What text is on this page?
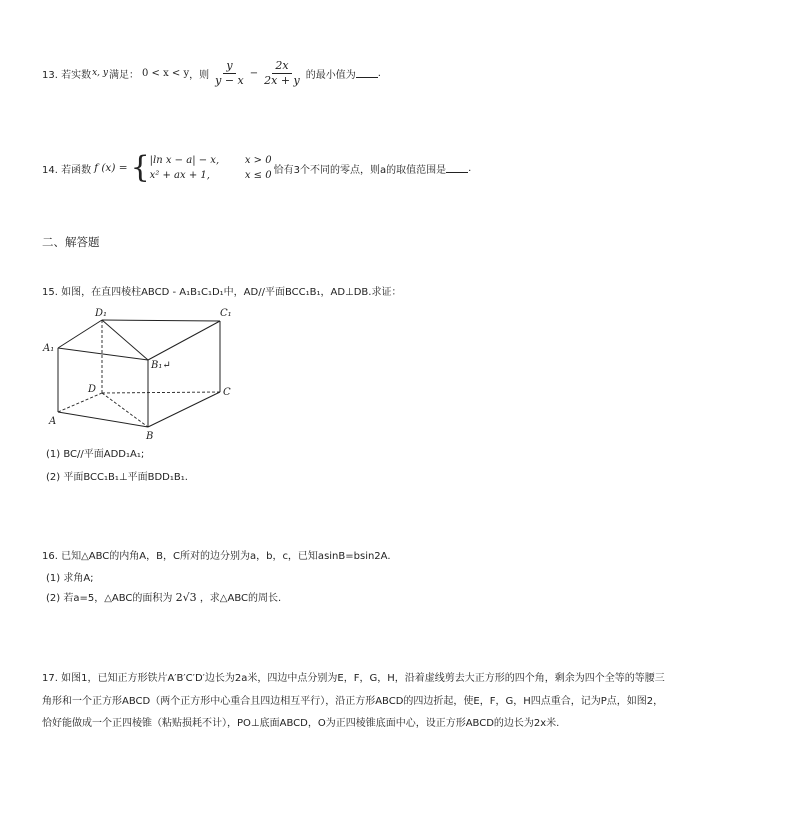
13. 若实数 x, y 满足： 0 < x < y ，则 $\frac{y}{y - x} - \frac{2x}{2x + y}$ 的最小值为 .
14. 若函数 f (x) = { |ln x − a| − x,	x > 0
x² + ax + 1,	x ≤ 0 恰有3个不同的零点，则a的取值范围是 .
二、解答题
15. 如图，在直四棱柱ABCD - A₁B₁C₁D₁中，AD//平面BCC₁B₁，AD⊥DB.求证：
D₁	C₁
A₁
B₁↵
D	C
A
B
(1) BC//平面ADD₁A₁;
(2) 平面BCC₁B₁⊥平面BDD₁B₁.
16. 已知△ABC的内角A，B，C所对的边分别为a，b，c，已知asinB=bsin2A.
(1) 求角A;
(2) 若a=5，△ABC的面积为 2√3 ，求△ABC的周长.
17. 如图1，已知正方形铁片A′B′C′D′边长为2a米，四边中点分别为E，F，G，H，沿着虚线剪去大正方形的四个角，剩余为四个全等的等腰三
角形和一个正方形ABCD（两个正方形中心重合且四边相互平行），沿正方形ABCD的四边折起，使E，F，G，H四点重合，记为P点，如图2，
恰好能做成一个正四棱锥（粘贴损耗不计），PO⊥底面ABCD，O为正四棱锥底面中心，设正方形ABCD的边长为2x米.
